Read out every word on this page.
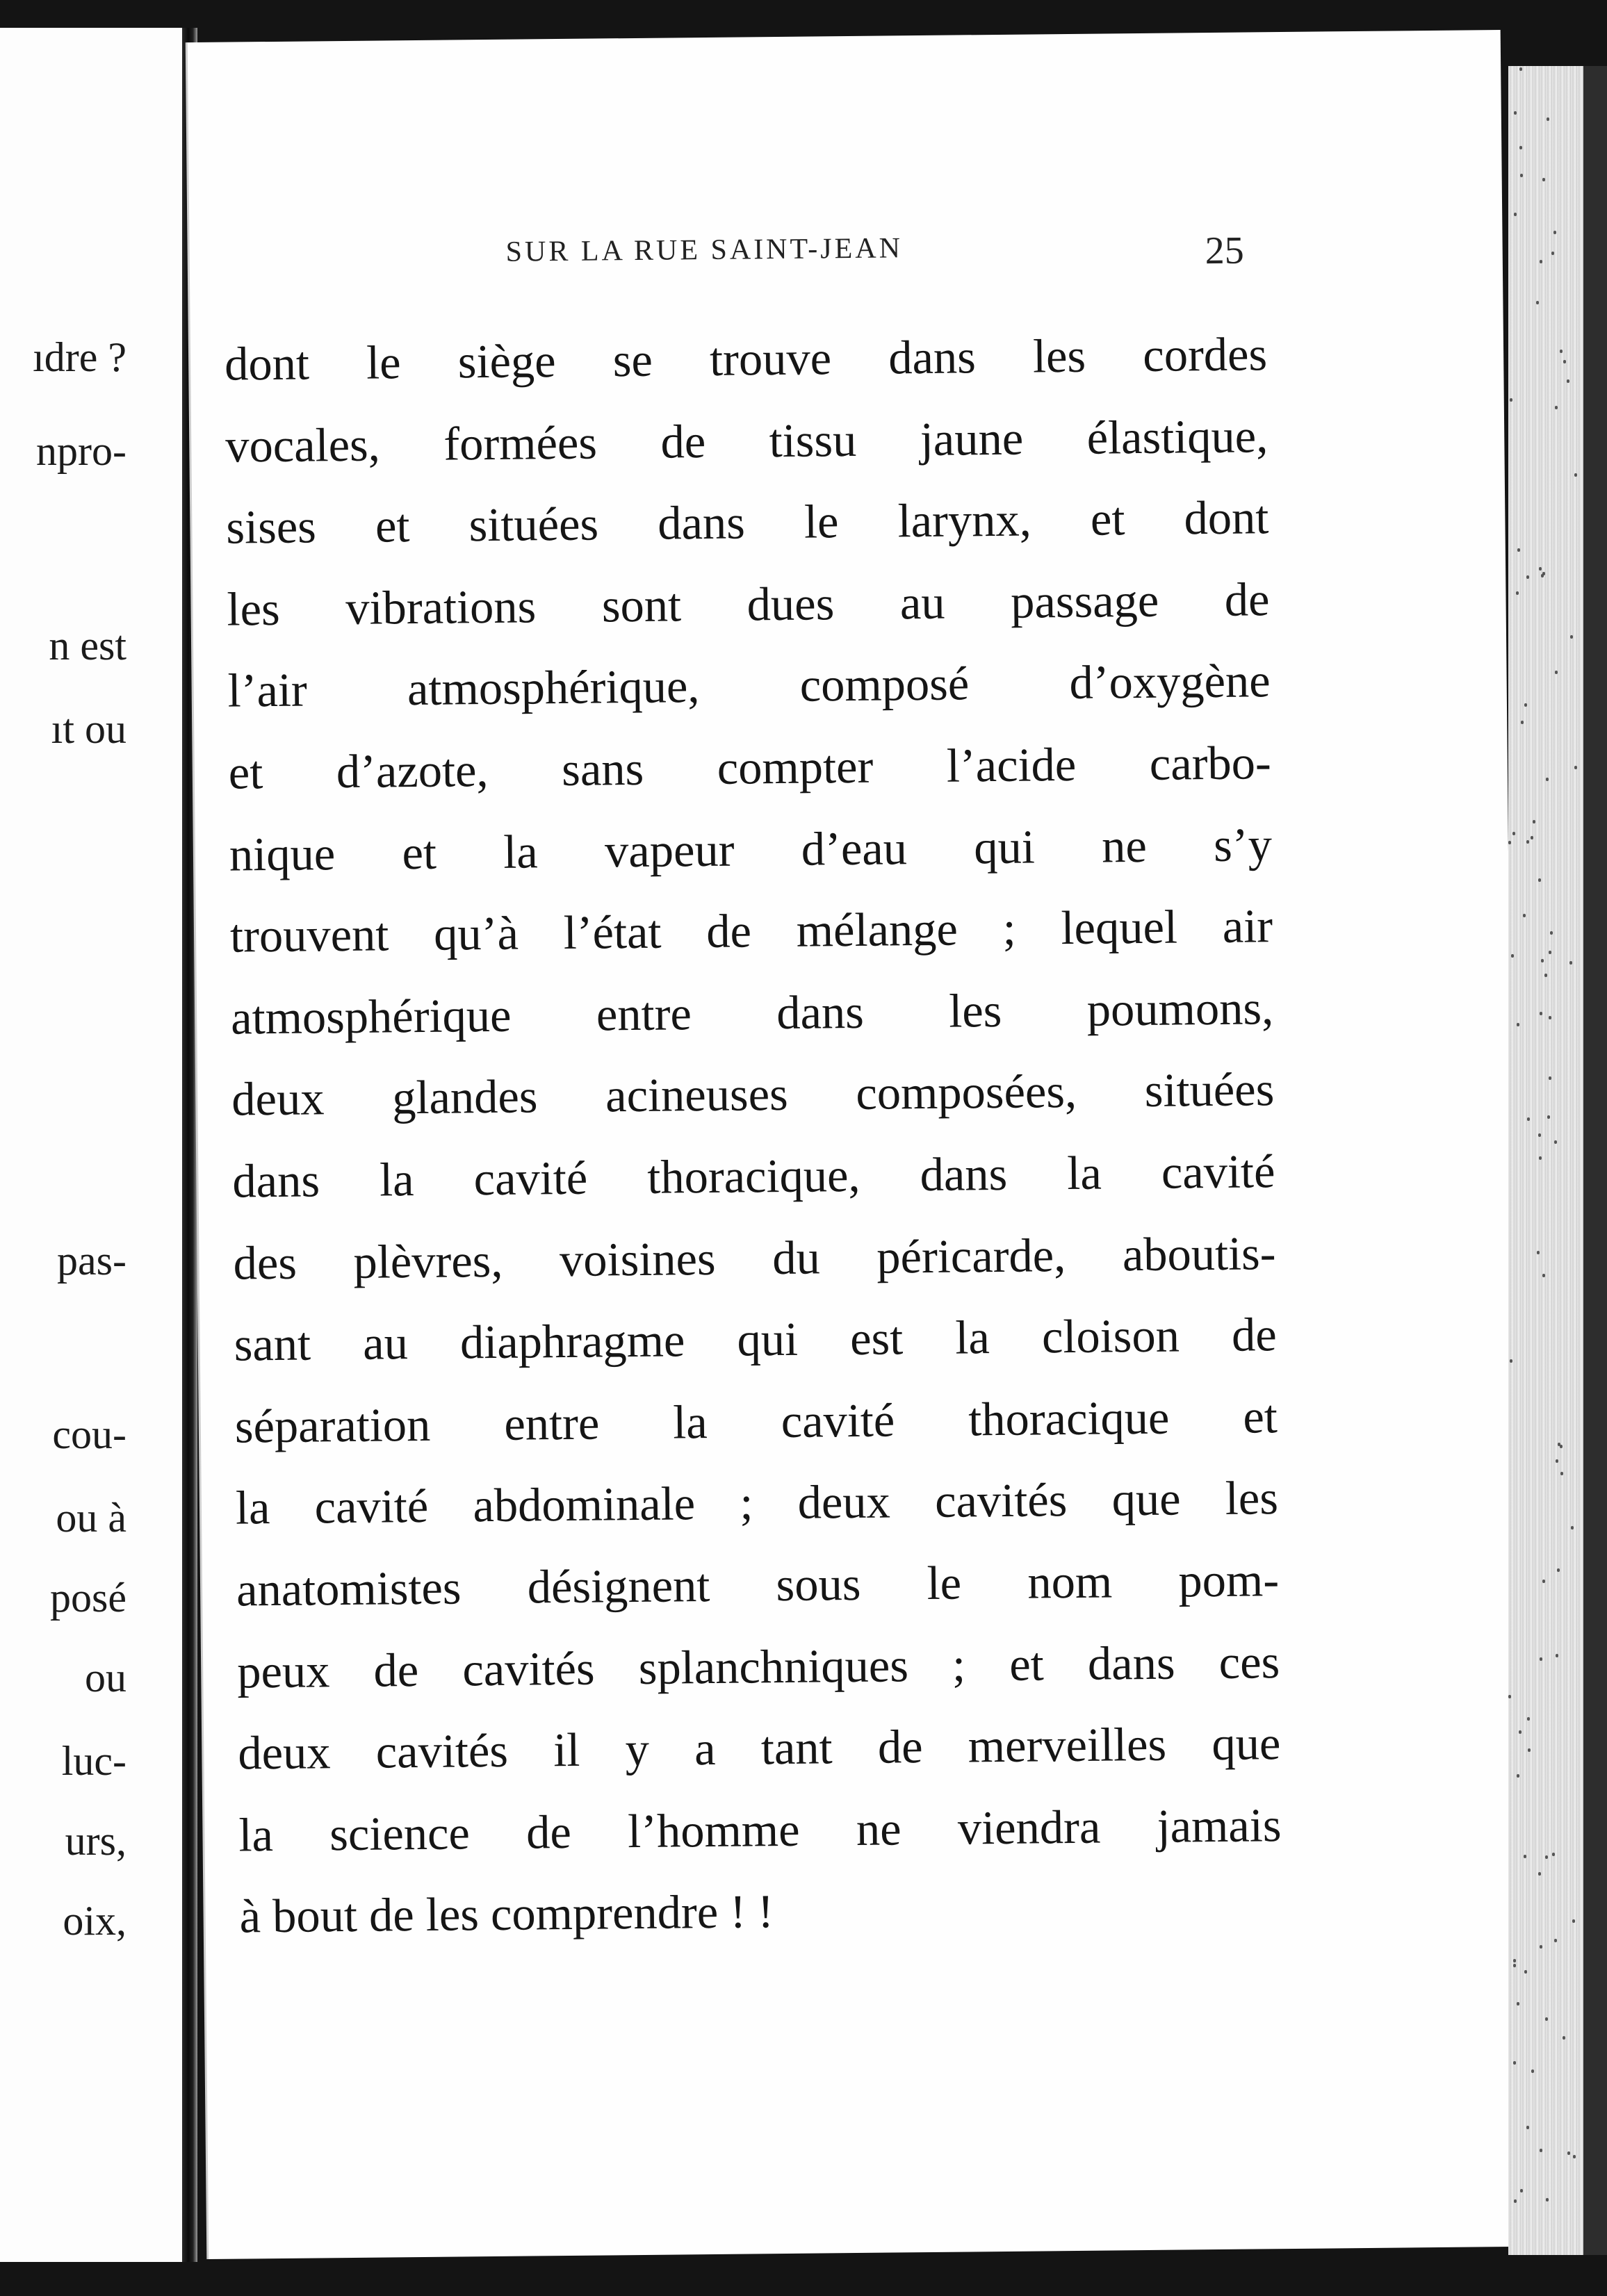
ıdre ?
npro-
n est
ıt ou
pas-
cou-
ou à
posé
ou
luc-
urs,
oix,
SUR LA RUE SAINT-JEAN	25
dont le siège se trouve dans les cordes
vocales, formées de tissu jaune élastique,
sises et situées dans le larynx, et dont
les vibrations sont dues au passage de
l’air atmosphérique, composé d’oxygène
et d’azote, sans compter l’acide carbo-
nique et la vapeur d’eau qui ne s’y
trouvent qu’à l’état de mélange ; lequel air
atmosphérique entre dans les poumons,
deux glandes acineuses composées, situées
dans la cavité thoracique, dans la cavité
des plèvres, voisines du péricarde, aboutis-
sant au diaphragme qui est la cloison de
séparation entre la cavité thoracique et
la cavité abdominale ; deux cavités que les
anatomistes désignent sous le nom pom-
peux de cavités splanchniques ; et dans ces
deux cavités il y a tant de merveilles que
la science de l’homme ne viendra jamais
à bout de les comprendre ! !
